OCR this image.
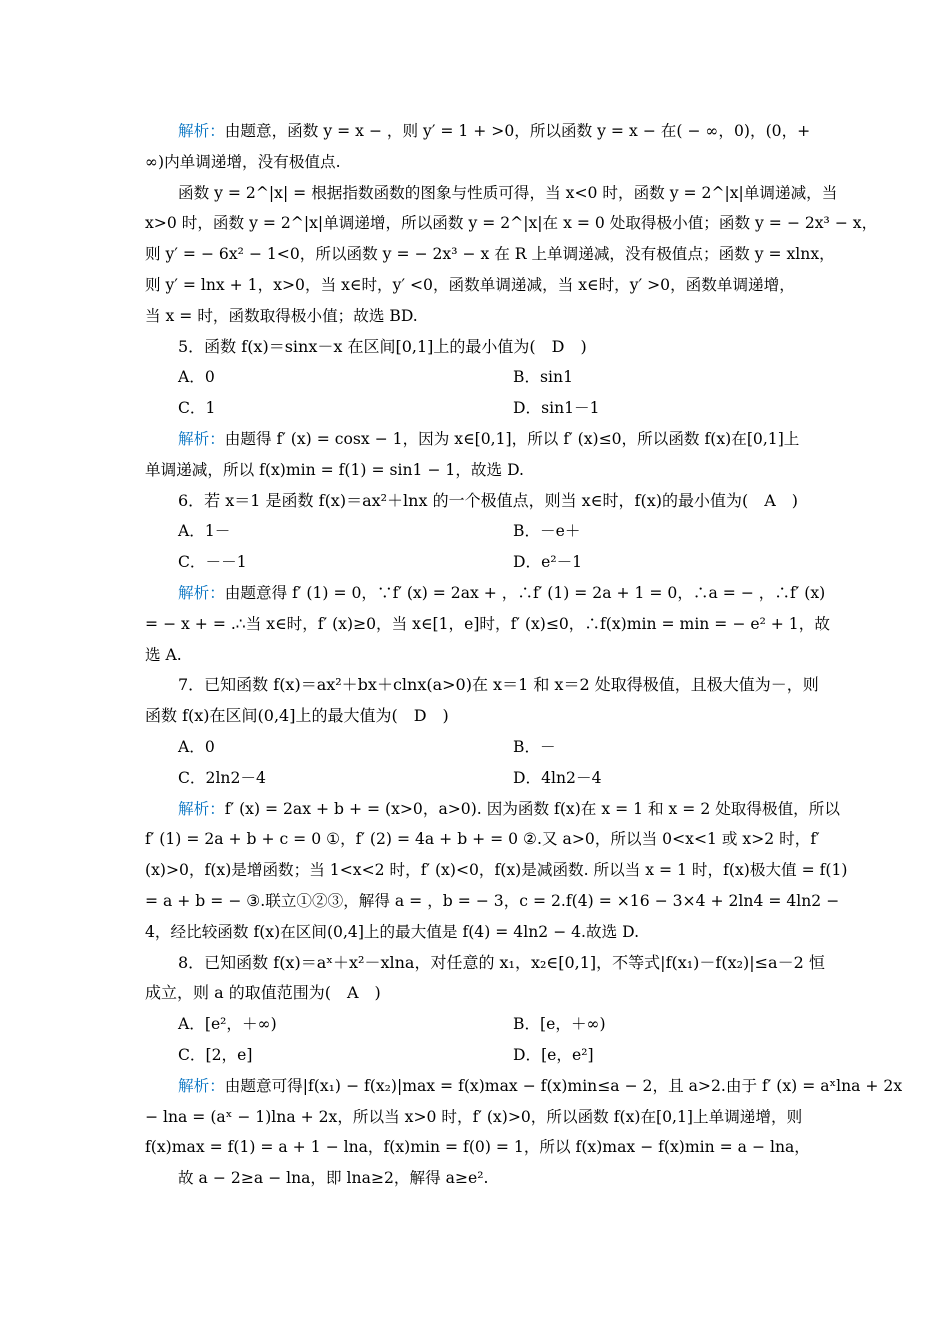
解析：由题意，函数 y = x − ，则 y′ = 1 + >0，所以函数 y = x − 在( − ∞，0)，(0，+
∞)内单调递增，没有极值点.
函数 y = 2^|x| = 根据指数函数的图象与性质可得，当 x<0 时，函数 y = 2^|x|单调递减，当
x>0 时，函数 y = 2^|x|单调递增，所以函数 y = 2^|x|在 x = 0 处取得极小值；函数 y = − 2x³ − x，
则 y′ = − 6x² − 1<0，所以函数 y = − 2x³ − x 在 R 上单调递减，没有极值点；函数 y = xlnx，
则 y′ = lnx + 1，x>0，当 x∈时，y′ <0，函数单调递减，当 x∈时，y′ >0，函数单调递增，
当 x = 时，函数取得极小值；故选 BD.
5．函数 f(x)＝sinx－x 在区间[0,1]上的最小值为(　D　)
A．0	B．sin1
C．1	D．sin1－1
解析：由题得 f′ (x) = cosx − 1，因为 x∈[0,1]，所以 f′ (x)≤0，所以函数 f(x)在[0,1]上
单调递减，所以 f(x)min = f(1) = sin1 − 1，故选 D.
6．若 x＝1 是函数 f(x)＝ax²＋lnx 的一个极值点，则当 x∈时，f(x)的最小值为(　A　)
A．1－	B．－e＋
C．－－1	D．e²－1
解析：由题意得 f′ (1) = 0，∵f′ (x) = 2ax + ，∴f′ (1) = 2a + 1 = 0，∴a = − ，∴f′ (x)
= − x + = .∴当 x∈时，f′ (x)≥0，当 x∈[1，e]时，f′ (x)≤0，∴f(x)min = min = − e² + 1，故
选 A.
7．已知函数 f(x)＝ax²＋bx＋clnx(a>0)在 x＝1 和 x＝2 处取得极值，且极大值为－，则
函数 f(x)在区间(0,4]上的最大值为(　D　)
A．0	B．－
C．2ln2－4	D．4ln2－4
解析：f′ (x) = 2ax + b + = (x>0，a>0). 因为函数 f(x)在 x = 1 和 x = 2 处取得极值，所以
f′ (1) = 2a + b + c = 0 ①，f′ (2) = 4a + b + = 0 ②.又 a>0，所以当 0<x<1 或 x>2 时，f′
(x)>0，f(x)是增函数；当 1<x<2 时，f′ (x)<0，f(x)是减函数. 所以当 x = 1 时，f(x)极大值 = f(1)
= a + b = − ③.联立①②③，解得 a = ，b = − 3，c = 2.f(4) = ×16 − 3×4 + 2ln4 = 4ln2 −
4，经比较函数 f(x)在区间(0,4]上的最大值是 f(4) = 4ln2 − 4.故选 D.
8．已知函数 f(x)＝aˣ＋x²－xlna，对任意的 x₁，x₂∈[0,1]，不等式|f(x₁)－f(x₂)|≤a－2 恒
成立，则 a 的取值范围为(　A　)
A．[e²，＋∞)	B．[e，＋∞)
C．[2，e]	D．[e，e²]
解析：由题意可得|f(x₁) − f(x₂)|max = f(x)max − f(x)min≤a − 2，且 a>2.由于 f′ (x) = aˣlna + 2x
− lna = (aˣ − 1)lna + 2x，所以当 x>0 时，f′ (x)>0，所以函数 f(x)在[0,1]上单调递增，则
f(x)max = f(1) = a + 1 − lna，f(x)min = f(0) = 1，所以 f(x)max − f(x)min = a − lna，
故 a − 2≥a − lna，即 lna≥2，解得 a≥e².
